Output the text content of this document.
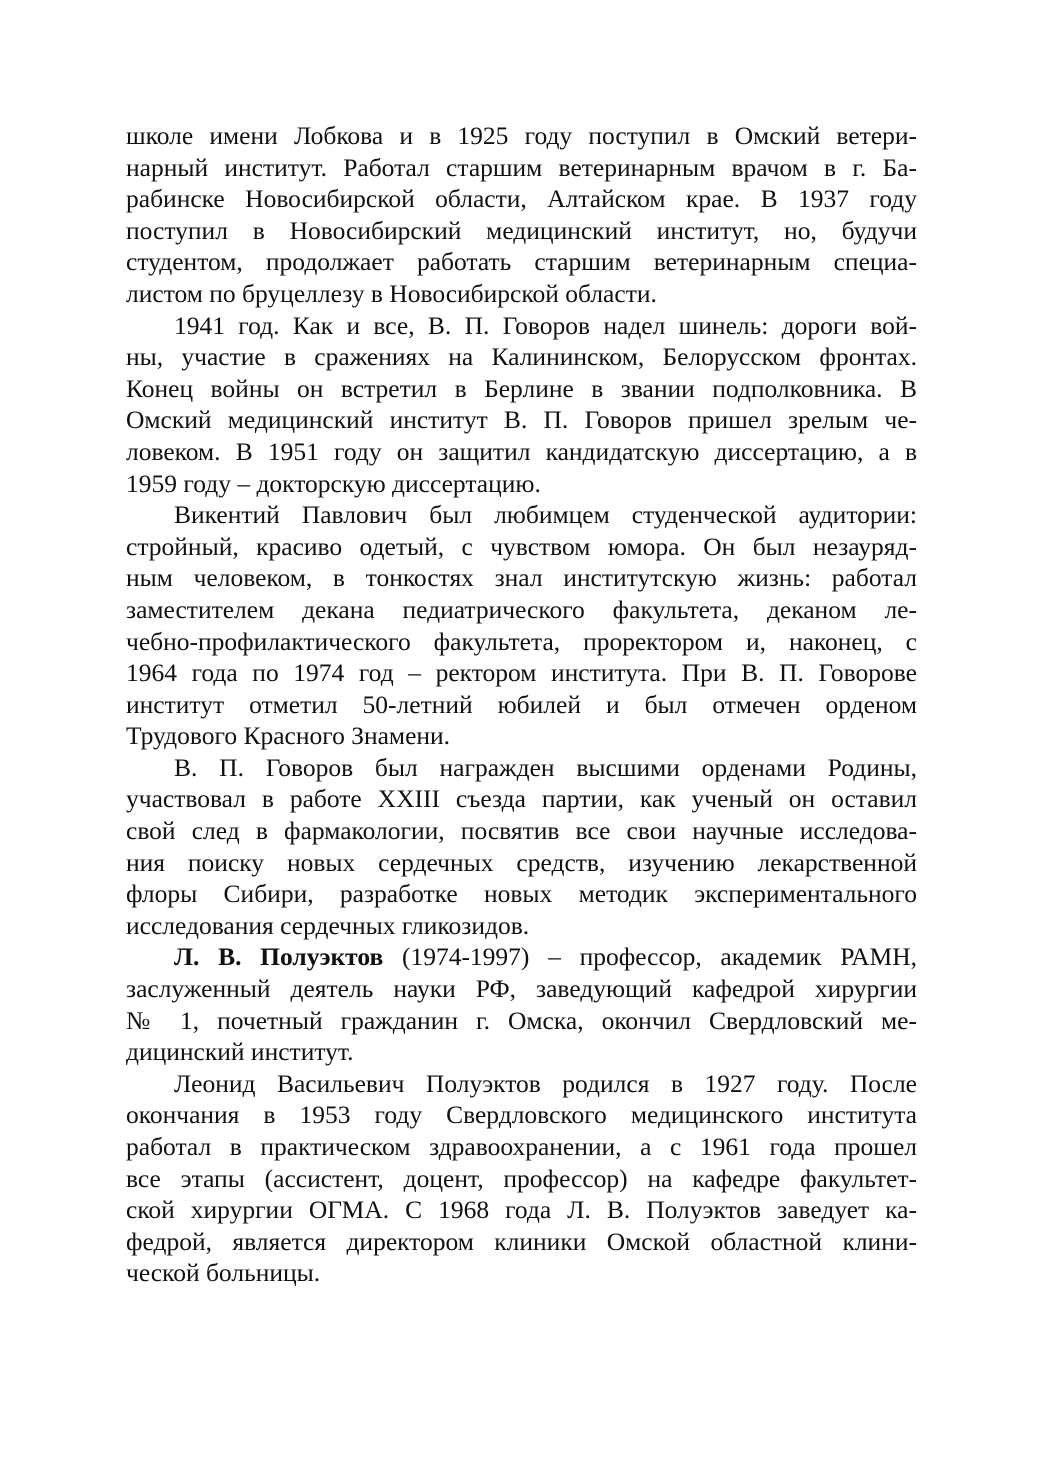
школе имени Лобкова и в 1925 году поступил в Омский ветери-
нарный институт. Работал старшим ветеринарным врачом в г. Ба-
рабинске Новосибирской области, Алтайском крае. В 1937 году
поступил в Новосибирский медицинский институт, но, будучи
студентом, продолжает работать старшим ветеринарным специа-
листом по бруцеллезу в Новосибирской области.

1941 год. Как и все, В. П. Говоров надел шинель: дороги вой-
ны, участие в сражениях на Калининском, Белорусском фронтах.
Конец войны он встретил в Берлине в звании подполковника. В
Омский медицинский институт В. П. Говоров пришел зрелым че-
ловеком. В 1951 году он защитил кандидатскую диссертацию, а в
1959 году – докторскую диссертацию.

Викентий Павлович был любимцем студенческой аудитории:
стройный, красиво одетый, с чувством юмора. Он был незауряд-
ным человеком, в тонкостях знал институтскую жизнь: работал
заместителем декана педиатрического факультета, деканом ле-
чебно-профилактического факультета, проректором и, наконец, с
1964 года по 1974 год – ректором института. При В. П. Говорове
институт отметил 50-летний юбилей и был отмечен орденом
Трудового Красного Знамени.

В. П. Говоров был награжден высшими орденами Родины,
участвовал в работе XXIII съезда партии, как ученый он оставил
свой след в фармакологии, посвятив все свои научные исследова-
ния поиску новых сердечных средств, изучению лекарственной
флоры Сибири, разработке новых методик экспериментального
исследования сердечных гликозидов.

Л. В. Полуэктов (1974-1997) – профессор, академик РАМН,
заслуженный деятель науки РФ, заведующий кафедрой хирургии
№ 1, почетный гражданин г. Омска, окончил Свердловский ме-
дицинский институт.

Леонид Васильевич Полуэктов родился в 1927 году. После
окончания в 1953 году Свердловского медицинского института
работал в практическом здравоохранении, а с 1961 года прошел
все этапы (ассистент, доцент, профессор) на кафедре факультет-
ской хирургии ОГМА. С 1968 года Л. В. Полуэктов заведует ка-
федрой, является директором клиники Омской областной клини-
ческой больницы.
